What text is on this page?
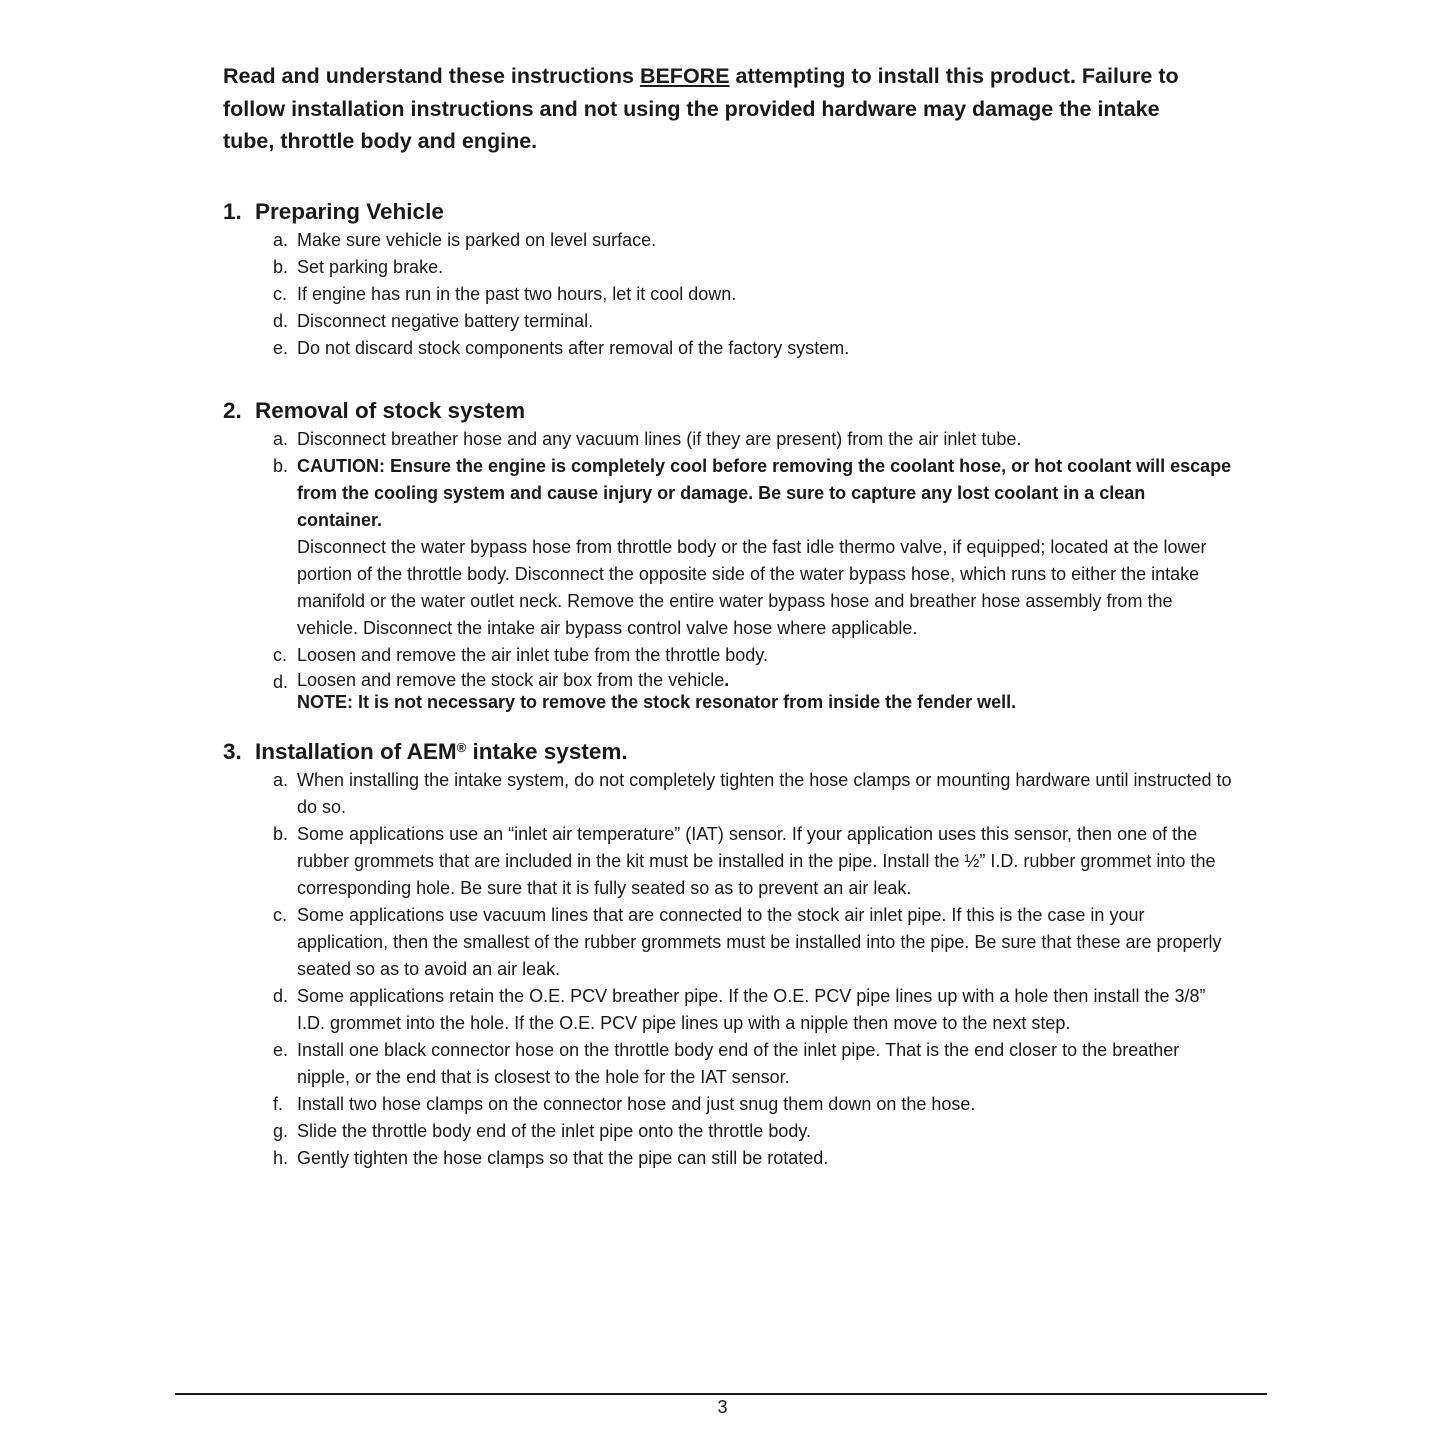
Read and understand these instructions BEFORE attempting to install this product. Failure to follow installation instructions and not using the provided hardware may damage the intake tube, throttle body and engine.
1. Preparing Vehicle
a. Make sure vehicle is parked on level surface.
b. Set parking brake.
c. If engine has run in the past two hours, let it cool down.
d. Disconnect negative battery terminal.
e. Do not discard stock components after removal of the factory system.
2. Removal of stock system
a. Disconnect breather hose and any vacuum lines (if they are present) from the air inlet tube.
b. CAUTION: Ensure the engine is completely cool before removing the coolant hose, or hot coolant will escape from the cooling system and cause injury or damage. Be sure to capture any lost coolant in a clean container.
Disconnect the water bypass hose from throttle body or the fast idle thermo valve, if equipped; located at the lower portion of the throttle body. Disconnect the opposite side of the water bypass hose, which runs to either the intake manifold or the water outlet neck. Remove the entire water bypass hose and breather hose assembly from the vehicle. Disconnect the intake air bypass control valve hose where applicable.
c. Loosen and remove the air inlet tube from the throttle body.
d. Loosen and remove the stock air box from the vehicle.
NOTE: It is not necessary to remove the stock resonator from inside the fender well.
3. Installation of AEM® intake system.
a. When installing the intake system, do not completely tighten the hose clamps or mounting hardware until instructed to do so.
b. Some applications use an “inlet air temperature” (IAT) sensor. If your application uses this sensor, then one of the rubber grommets that are included in the kit must be installed in the pipe. Install the ½” I.D. rubber grommet into the corresponding hole. Be sure that it is fully seated so as to prevent an air leak.
c. Some applications use vacuum lines that are connected to the stock air inlet pipe. If this is the case in your application, then the smallest of the rubber grommets must be installed into the pipe. Be sure that these are properly seated so as to avoid an air leak.
d. Some applications retain the O.E. PCV breather pipe. If the O.E. PCV pipe lines up with a hole then install the 3/8” I.D. grommet into the hole. If the O.E. PCV pipe lines up with a nipple then move to the next step.
e. Install one black connector hose on the throttle body end of the inlet pipe. That is the end closer to the breather nipple, or the end that is closest to the hole for the IAT sensor.
f. Install two hose clamps on the connector hose and just snug them down on the hose.
g. Slide the throttle body end of the inlet pipe onto the throttle body.
h. Gently tighten the hose clamps so that the pipe can still be rotated.
3
